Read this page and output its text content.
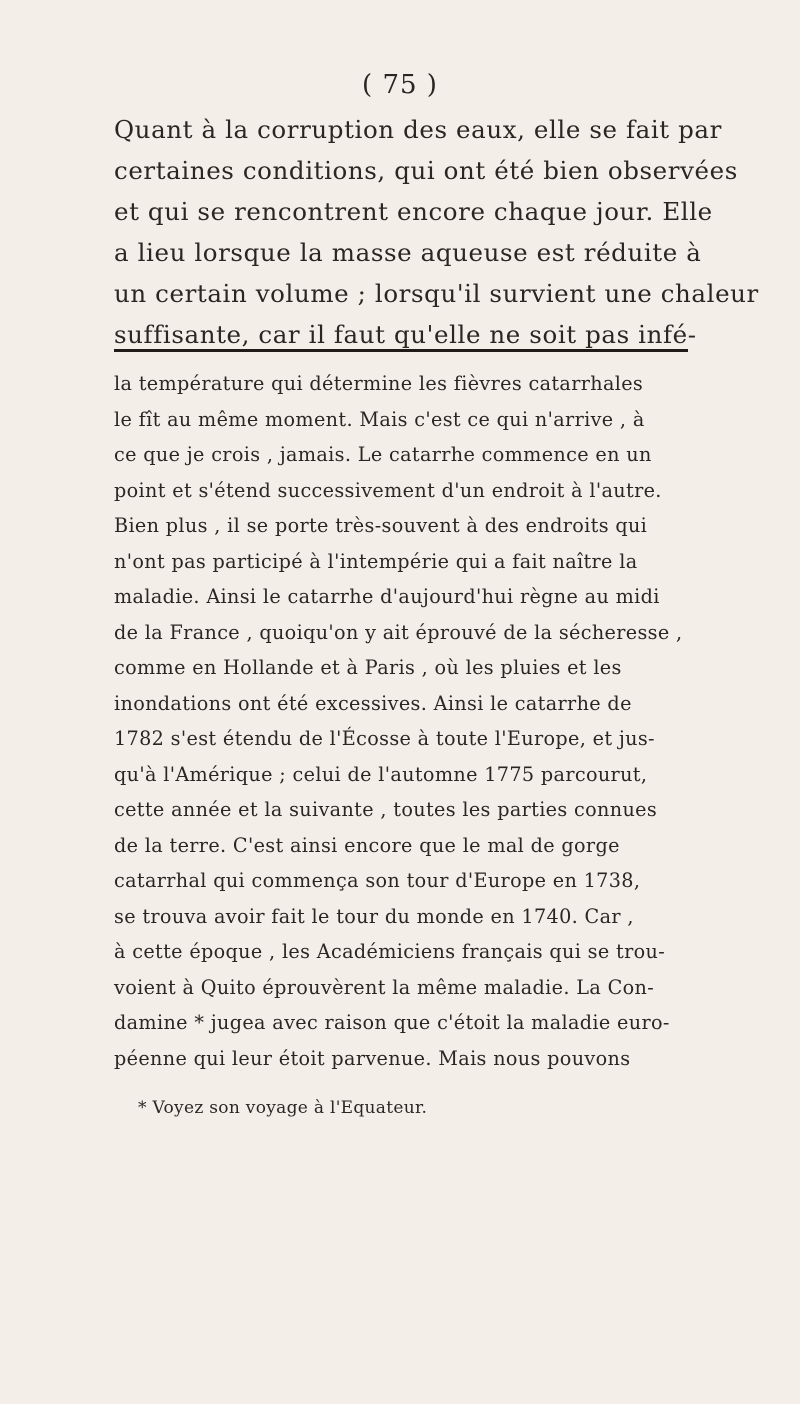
( 75 )
Quant à la corruption des eaux, elle se fait par
certaines conditions, qui ont été bien observées
et qui se rencontrent encore chaque jour. Elle
a lieu lorsque la masse aqueuse est réduite à
un certain volume ; lorsqu'il survient une chaleur
suffisante, car il faut qu'elle ne soit pas infé-
la température qui détermine les fièvres catarrhales
le fît au même moment. Mais c'est ce qui n'arrive , à
ce que je crois , jamais. Le catarrhe commence en un
point et s'étend successivement d'un endroit à l'autre.
Bien plus , il se porte très-souvent à des endroits qui
n'ont pas participé à l'intempérie qui a fait naître la
maladie. Ainsi le catarrhe d'aujourd'hui règne au midi
de la France , quoiqu'on y ait éprouvé de la sécheresse ,
comme en Hollande et à Paris , où les pluies et les
inondations ont été excessives. Ainsi le catarrhe de
1782 s'est étendu de l'Écosse à toute l'Europe, et jus-
qu'à l'Amérique ; celui de l'automne 1775 parcourut,
cette année et la suivante , toutes les parties connues
de la terre. C'est ainsi encore que le mal de gorge
catarrhal qui commença son tour d'Europe en 1738,
se trouva avoir fait le tour du monde en 1740. Car ,
à cette époque , les Académiciens français qui se trou-
voient à Quito éprouvèrent la même maladie. La Con-
damine * jugea avec raison que c'étoit la maladie euro-
péenne qui leur étoit parvenue. Mais nous pouvons
* Voyez son voyage à l'Equateur.
